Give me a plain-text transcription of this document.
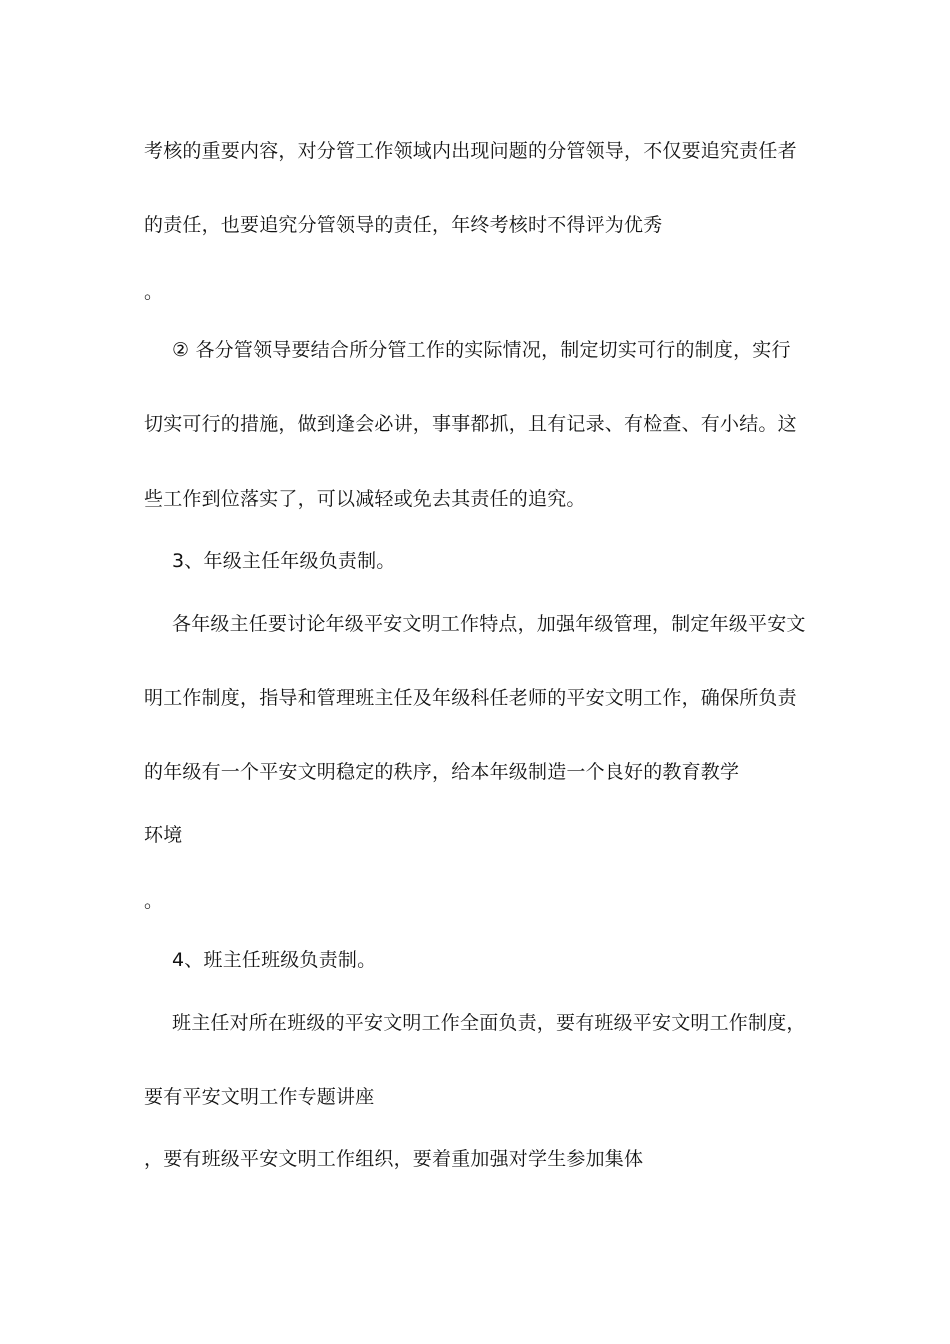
考核的重要内容，对分管工作领域内出现问题的分管领导，不仅要追究责任者
的责任，也要追究分管领导的责任，年终考核时不得评为优秀
。
② 各分管领导要结合所分管工作的实际情况，制定切实可行的制度，实行
切实可行的措施，做到逢会必讲，事事都抓，且有记录、有检查、有小结。这
些工作到位落实了，可以减轻或免去其责任的追究。
3、年级主任年级负责制。
各年级主任要讨论年级平安文明工作特点，加强年级管理，制定年级平安文
明工作制度，指导和管理班主任及年级科任老师的平安文明工作，确保所负责
的年级有一个平安文明稳定的秩序，给本年级制造一个良好的教育教学
环境
。
4、班主任班级负责制。
班主任对所在班级的平安文明工作全面负责，要有班级平安文明工作制度，
要有平安文明工作专题讲座
，要有班级平安文明工作组织，要着重加强对学生参加集体
